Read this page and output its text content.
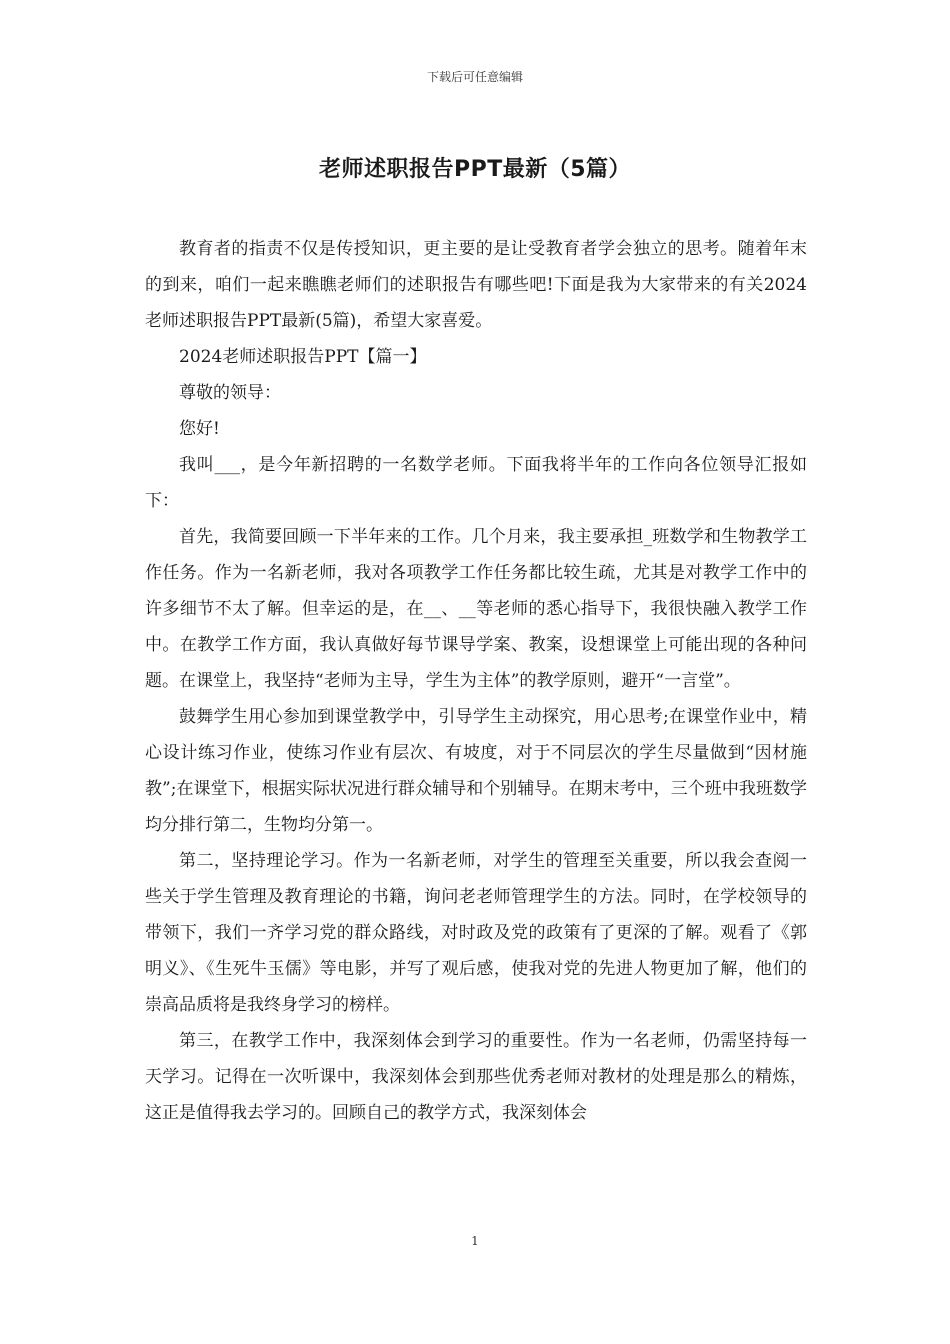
下载后可任意编辑
老师述职报告PPT最新（5篇）

教育者的指责不仅是传授知识，更主要的是让受教育者学会独立的思考。随着年末的到来，咱们一起来瞧瞧老师们的述职报告有哪些吧!下面是我为大家带来的有关2024老师述职报告PPT最新(5篇)，希望大家喜爱。

2024老师述职报告PPT【篇一】

尊敬的领导：

您好!

我叫___，是今年新招聘的一名数学老师。下面我将半年的工作向各位领导汇报如下：

首先，我简要回顾一下半年来的工作。几个月来，我主要承担_班数学和生物教学工作任务。作为一名新老师，我对各项教学工作任务都比较生疏，尤其是对教学工作中的许多细节不太了解。但幸运的是，在__、__等老师的悉心指导下，我很快融入教学工作中。在教学工作方面，我认真做好每节课导学案、教案，设想课堂上可能出现的各种问题。在课堂上，我坚持“老师为主导，学生为主体”的教学原则，避开“一言堂”。

鼓舞学生用心参加到课堂教学中，引导学生主动探究，用心思考;在课堂作业中，精心设计练习作业，使练习作业有层次、有坡度，对于不同层次的学生尽量做到“因材施教”;在课堂下，根据实际状况进行群众辅导和个别辅导。在期末考中，三个班中我班数学均分排行第二，生物均分第一。

第二，坚持理论学习。作为一名新老师，对学生的管理至关重要，所以我会查阅一些关于学生管理及教育理论的书籍，询问老老师管理学生的方法。同时，在学校领导的带领下，我们一齐学习党的群众路线，对时政及党的政策有了更深的了解。观看了《郭明义》、《生死牛玉儒》等电影，并写了观后感，使我对党的先进人物更加了解，他们的崇高品质将是我终身学习的榜样。

第三，在教学工作中，我深刻体会到学习的重要性。作为一名老师，仍需坚持每一天学习。记得在一次听课中，我深刻体会到那些优秀老师对教材的处理是那么的精炼，这正是值得我去学习的。回顾自己的教学方式，我深刻体会

1
